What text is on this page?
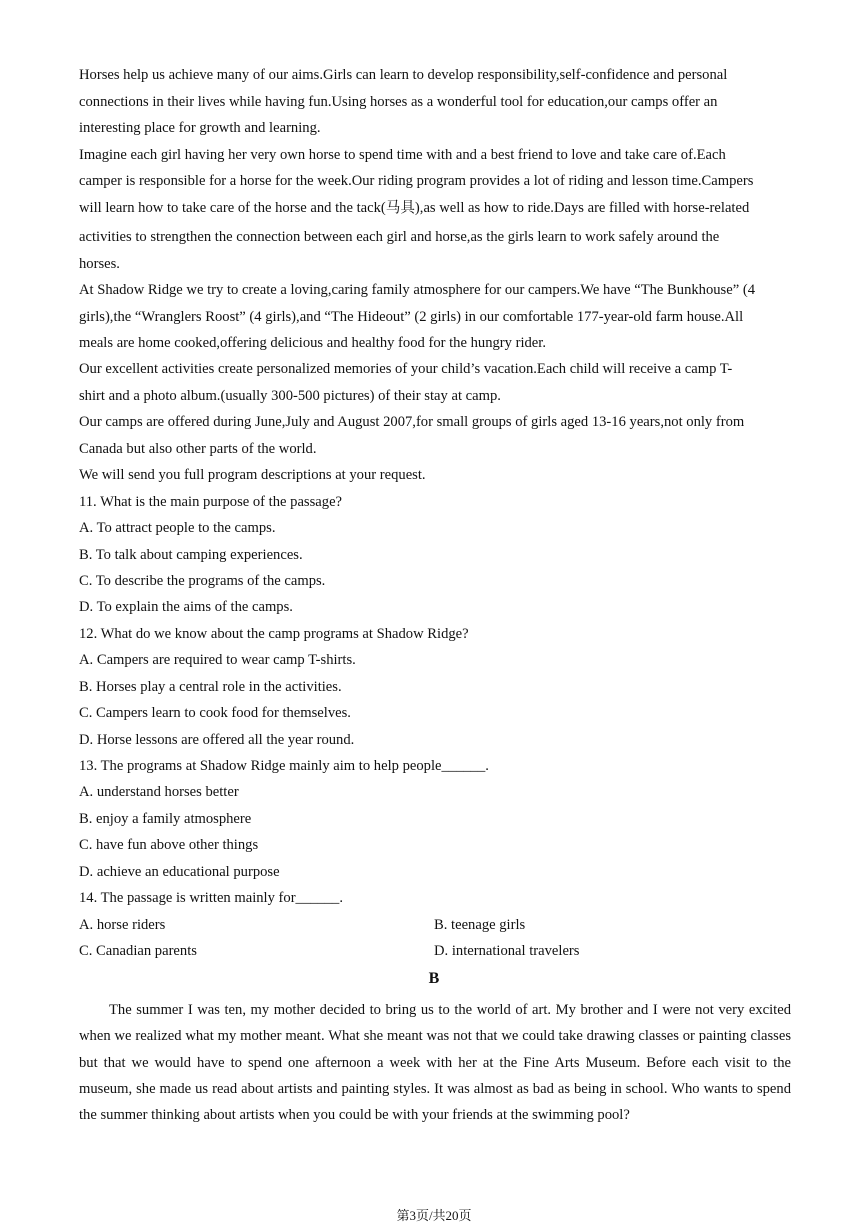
Horses help us achieve many of our aims.Girls can learn to develop responsibility,self-confidence and personal
connections in their lives while having fun.Using horses as a wonderful tool for education,our camps offer an
interesting place for growth and learning.
Imagine each girl having her very own horse to spend time with and a best friend to love and take care of.Each
camper is responsible for a horse for the week.Our riding program provides a lot of riding and lesson time.Campers
will learn how to take care of the horse and the tack(马具),as well as how to ride.Days are filled with horse-related
activities to strengthen the connection between each girl and horse,as the girls learn to work safely around the
horses.
At Shadow Ridge we try to create a loving,caring family atmosphere for our campers.We have “The Bunkhouse” (4
girls),the “Wranglers Roost” (4 girls),and “The Hideout” (2 girls) in our comfortable 177-year-old farm house.All
meals are home cooked,offering delicious and healthy food for the hungry rider.
Our excellent activities create personalized memories of your child’s vacation.Each child will receive a camp T-
shirt and a photo album.(usually 300-500 pictures) of their stay at camp.
Our camps are offered during June,July and August 2007,for small groups of girls aged 13-16 years,not only from
Canada but also other parts of the world.
We will send you full program descriptions at your request.
11. What is the main purpose of the passage?
A. To attract people to the camps.
B. To talk about camping experiences.
C. To describe the programs of the camps.
D. To explain the aims of the camps.
12. What do we know about the camp programs at Shadow Ridge?
A. Campers are required to wear camp T-shirts.
B. Horses play a central role in the activities.
C. Campers learn to cook food for themselves.
D. Horse lessons are offered all the year round.
13. The programs at Shadow Ridge mainly aim to help people______.
A. understand horses better
B. enjoy a family atmosphere
C. have fun above other things
D. achieve an educational purpose
14. The passage is written mainly for______.
A. horse riders	B. teenage girls
C. Canadian parents	D. international travelers
B
The summer I was ten, my mother decided to bring us to the world of art. My brother and I were not very excited when we realized what my mother meant. What she meant was not that we could take drawing classes or painting classes but that we would have to spend one afternoon a week with her at the Fine Arts Museum. Before each visit to the museum, she made us read about artists and painting styles. It was almost as bad as being in school. Who wants to spend the summer thinking about artists when you could be with your friends at the swimming pool?
第3页/共20页
